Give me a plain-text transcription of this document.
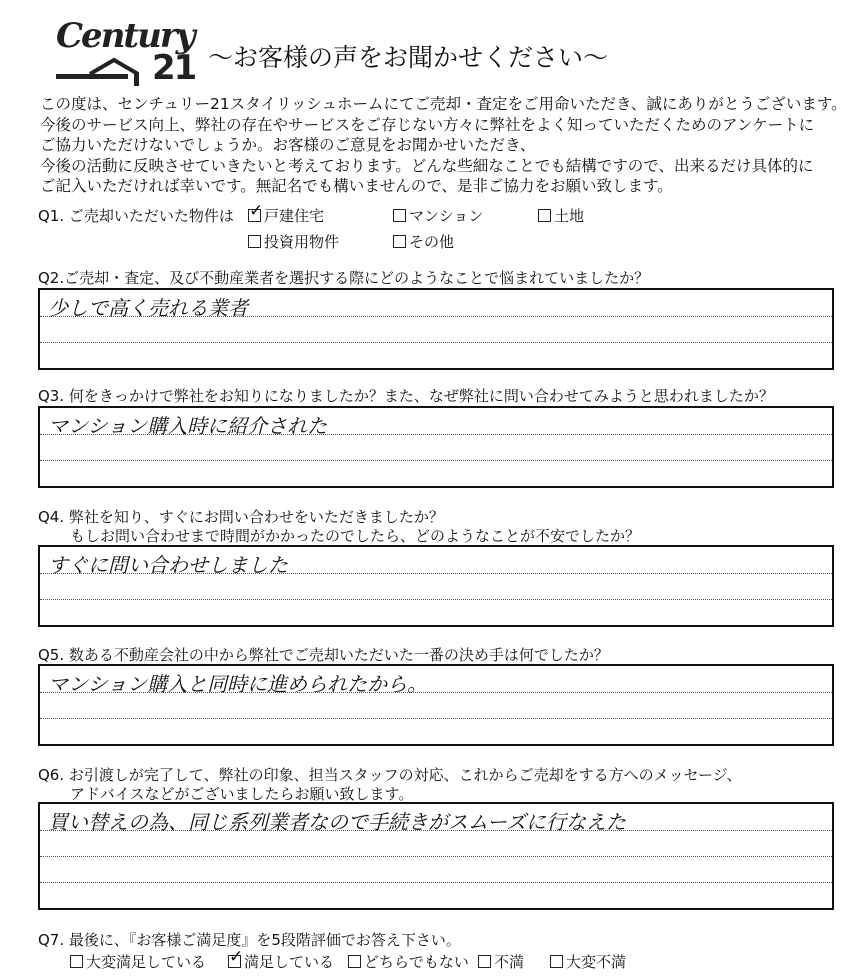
Century
21 ～お客様の声をお聞かせください～
この度は、センチュリー21スタイリッシュホームにてご売却・査定をご用命いただき、誠にありがとうございます。
今後のサービス向上、弊社の存在やサービスをご存じない方々に弊社をよく知っていただくためのアンケートに
ご協力いただけないでしょうか。お客様のご意見をお聞かせいただき、
今後の活動に反映させていきたいと考えております。どんな些細なことでも結構ですので、出来るだけ具体的に
ご記入いただければ幸いです。無記名でも構いませんので、是非ご協力をお願い致します。
Q1. ご売却いただいた物件は ✓ 戸建住宅	マンション	土地
投資用物件	その他
Q2.ご売却・査定、及び不動産業者を選択する際にどのようなことで悩まれていましたか？
少しで高く売れる業者
Q3. 何をきっかけで弊社をお知りになりましたか？また、なぜ弊社に問い合わせてみようと思われましたか？
マンション購入時に紹介された
Q4. 弊社を知り、すぐにお問い合わせをいただきましたか？
もしお問い合わせまで時間がかかったのでしたら、どのようなことが不安でしたか？
すぐに問い合わせしました
Q5. 数ある不動産会社の中から弊社でご売却いただいた一番の決め手は何でしたか？
マンション購入と同時に進められたから。
Q6. お引渡しが完了して、弊社の印象、担当スタッフの対応、これからご売却をする方へのメッセージ、
アドバイスなどがございましたらお願い致します。
買い替えの為、同じ系列業者なので手続きがスムーズに行なえた
Q7. 最後に、『お客様ご満足度』を5段階評価でお答え下さい。
大変満足している ✓ 満足している	どちらでもない	不満	大変不満
